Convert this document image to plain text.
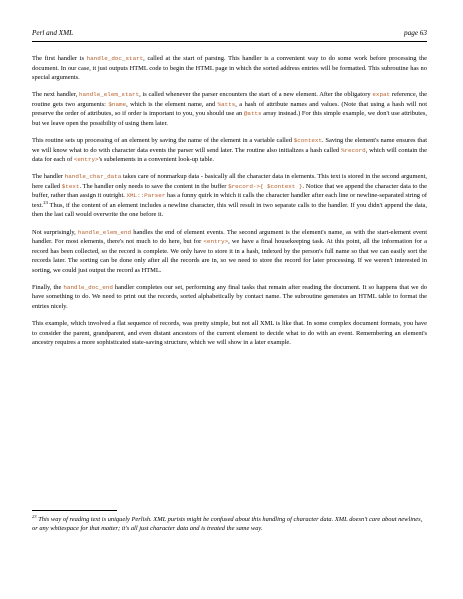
Perl and XML	page 63

The first handler is handle_doc_start, called at the start of parsing. This handler is a convenient way to do some work before processing the document. In our case, it just outputs HTML code to begin the HTML page in which the sorted address entries will be formatted. This subroutine has no special arguments.

The next handler, handle_elem_start, is called whenever the parser encounters the start of a new element. After the obligatory expat reference, the routine gets two arguments: $name, which is the element name, and %atts, a hash of attribute names and values. (Note that using a hash will not preserve the order of attributes, so if order is important to you, you should use an @atts array instead.) For this simple example, we don't use attributes, but we leave open the possibility of using them later.

This routine sets up processing of an element by saving the name of the element in a variable called $context. Saving the element's name ensures that we will know what to do with character data events the parser will send later. The routine also initializes a hash called %record, which will contain the data for each of <entry>'s subelements in a convenient look-up table.

The handler handle_char_data takes care of nonmarkup data - basically all the character data in elements. This text is stored in the second argument, here called $text. The handler only needs to save the content in the buffer $record->{ $context }. Notice that we append the character data to the buffer, rather than assign it outright. XML::Parser has a funny quirk in which it calls the character handler after each line or newline-separated string of text.$^{23}$ Thus, if the content of an element includes a newline character, this will result in two separate calls to the handler. If you didn't append the data, then the last call would overwrite the one before it.

Not surprisingly, handle_elem_end handles the end of element events. The second argument is the element's name, as with the start-element event handler. For most elements, there's not much to do here, but for <entry>, we have a final housekeeping task. At this point, all the information for a record has been collected, so the record is complete. We only have to store it in a hash, indexed by the person's full name so that we can easily sort the records later. The sorting can be done only after all the records are in, so we need to store the record for later processing. If we weren't interested in sorting, we could just output the record as HTML.

Finally, the handle_doc_end handler completes our set, performing any final tasks that remain after reading the document. It so happens that we do have something to do. We need to print out the records, sorted alphabetically by contact name. The subroutine generates an HTML table to format the entries nicely.

This example, which involved a flat sequence of records, was pretty simple, but not all XML is like that. In some complex document formats, you have to consider the parent, grandparent, and even distant ancestors of the current element to decide what to do with an event. Remembering an element's ancestry requires a more sophisticated state-saving structure, which we will show in a later example.

$^{23}$ This way of reading text is uniquely Perlish. XML purists might be confused about this handling of character data. XML doesn't care about newlines, or any whitespace for that matter; it's all just character data and is treated the same way.
